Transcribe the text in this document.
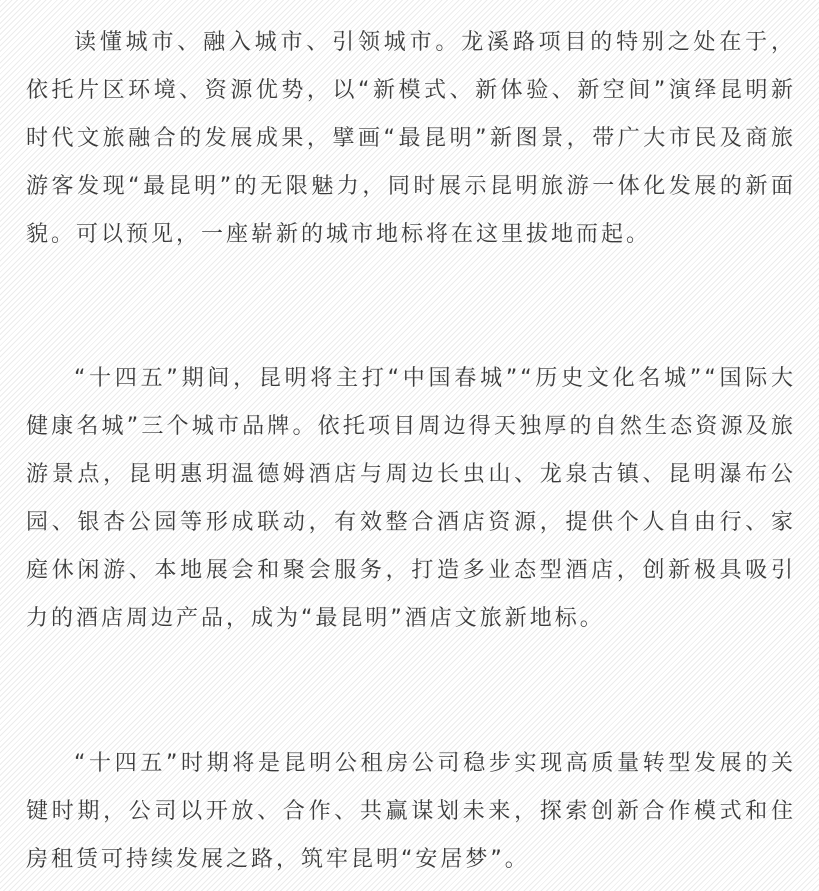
读懂城市、融入城市、引领城市。龙溪路项目的特别之处在于，依托片区环境、资源优势，以“新模式、新体验、新空间”演绎昆明新时代文旅融合的发展成果，擘画“最昆明”新图景，带广大市民及商旅游客发现“最昆明”的无限魅力，同时展示昆明旅游一体化发展的新面貌。可以预见，一座崭新的城市地标将在这里拔地而起。

“十四五”期间，昆明将主打“中国春城”“历史文化名城”“国际大健康名城”三个城市品牌。依托项目周边得天独厚的自然生态资源及旅游景点，昆明惠玥温德姆酒店与周边长虫山、龙泉古镇、昆明瀑布公园、银杏公园等形成联动，有效整合酒店资源，提供个人自由行、家庭休闲游、本地展会和聚会服务，打造多业态型酒店，创新极具吸引力的酒店周边产品，成为“最昆明”酒店文旅新地标。

“十四五”时期将是昆明公租房公司稳步实现高质量转型发展的关键时期，公司以开放、合作、共赢谋划未来，探索创新合作模式和住房租赁可持续发展之路，筑牢昆明“安居梦”。
